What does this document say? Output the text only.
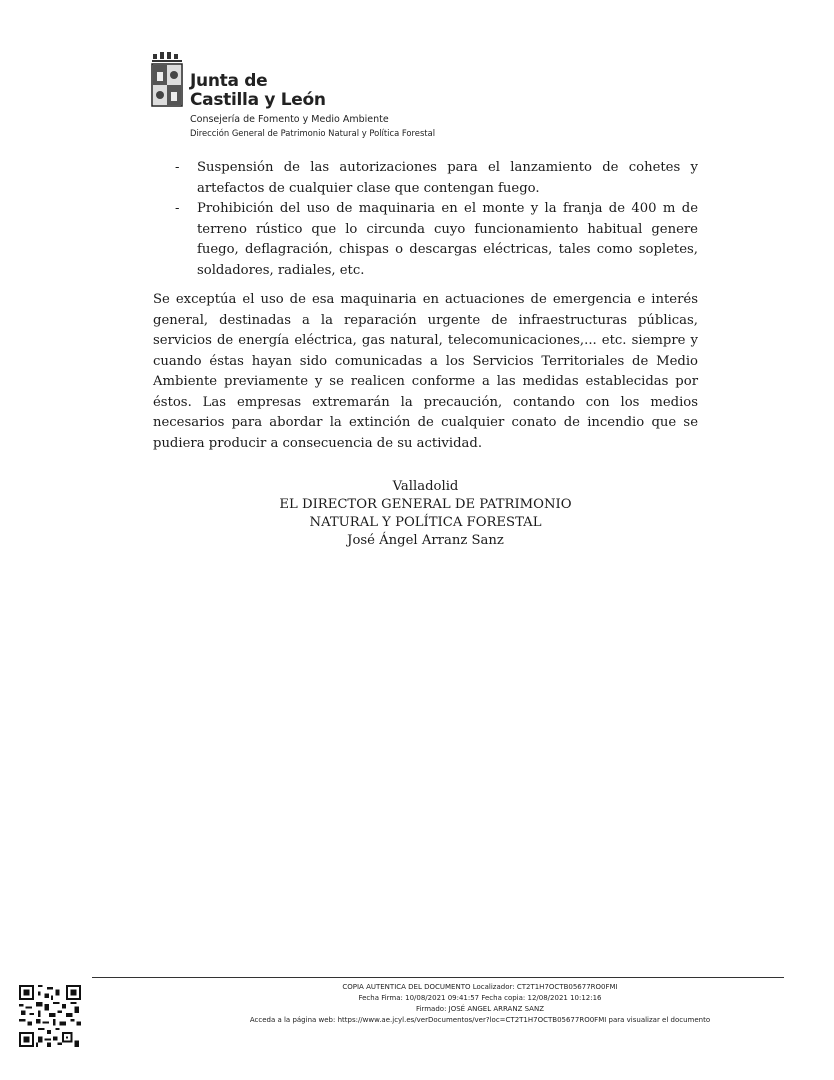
Junta de
Castilla y León
Consejería de Fomento y Medio Ambiente
Dirección General de Patrimonio Natural y Política Forestal
- Suspensión de las autorizaciones para el lanzamiento de cohetes y artefactos de cualquier clase que contengan fuego.
- Prohibición del uso de maquinaria en el monte y la franja de 400 m de terreno rústico que lo circunda cuyo funcionamiento habitual genere fuego, deflagración, chispas o descargas eléctricas, tales como sopletes, soldadores, radiales, etc.
Se exceptúa el uso de esa maquinaria en actuaciones de emergencia e interés general, destinadas a la reparación urgente de infraestructuras públicas, servicios de energía eléctrica, gas natural, telecomunicaciones,... etc. siempre y cuando éstas hayan sido comunicadas a los Servicios Territoriales de Medio Ambiente previamente y se realicen conforme a las medidas establecidas por éstos. Las empresas extremarán la precaución, contando con los medios necesarios para abordar la extinción de cualquier conato de incendio que se pudiera producir a consecuencia de su actividad.
Valladolid
EL DIRECTOR GENERAL DE PATRIMONIO
NATURAL Y POLÍTICA FORESTAL
José Ángel Arranz Sanz
COPIA AUTENTICA DEL DOCUMENTO Localizador: CT2T1H7OCTB05677RO0FMI
Fecha Firma: 10/08/2021 09:41:57 Fecha copia: 12/08/2021 10:12:16
Firmado: JOSÉ ANGEL ARRANZ SANZ
Acceda a la página web: https://www.ae.jcyl.es/verDocumentos/ver?loc=CT2T1H7OCTB05677RO0FMI para visualizar el documento
